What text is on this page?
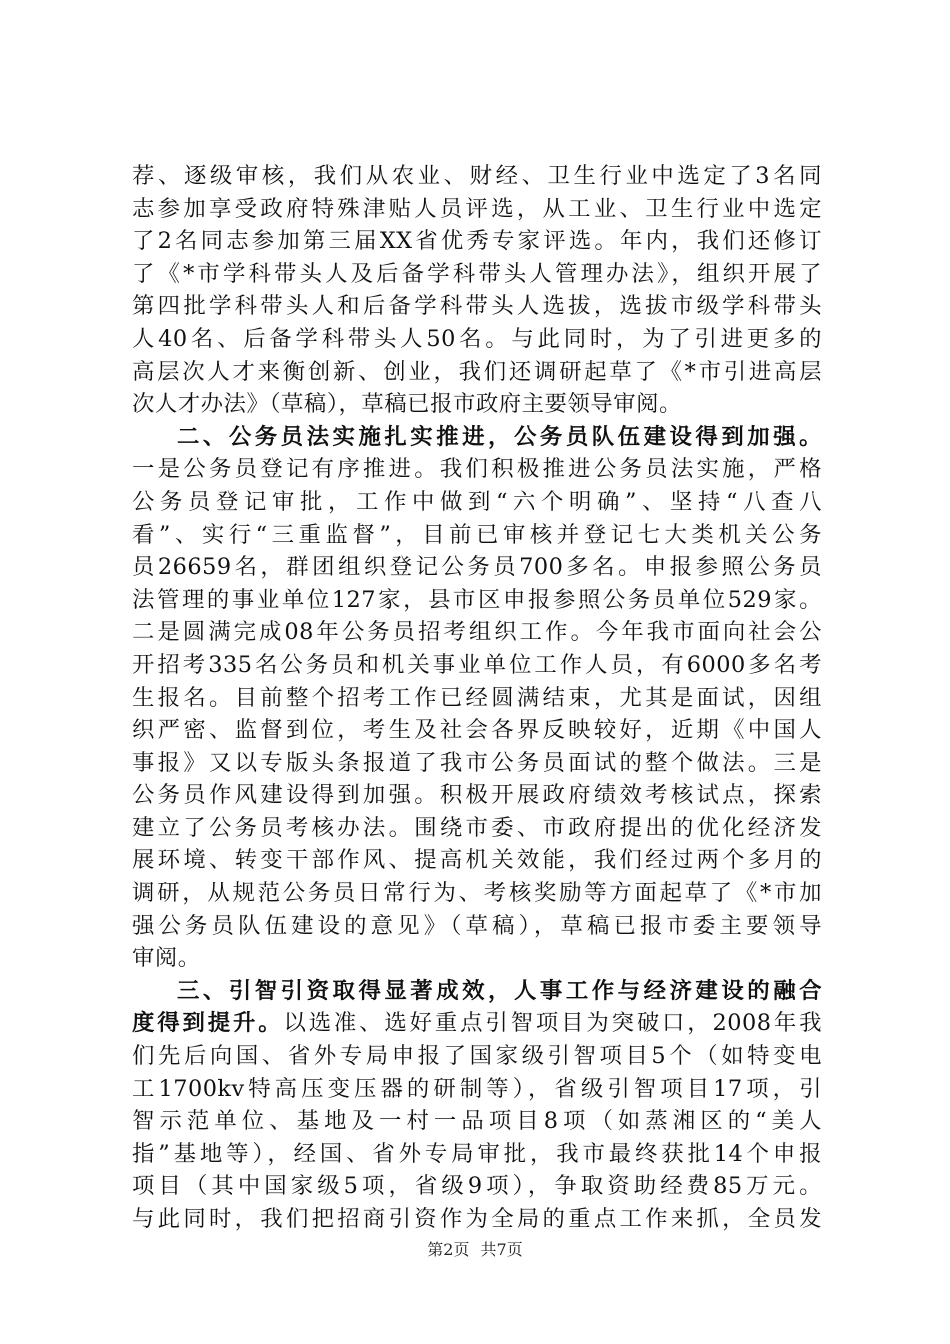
荐、逐级审核，我们从农业、财经、卫生行业中选定了3名同
志参加享受政府特殊津贴人员评选，从工业、卫生行业中选定
了2名同志参加第三届XX省优秀专家评选。年内，我们还修订
了《*市学科带头人及后备学科带头人管理办法》，组织开展了
第四批学科带头人和后备学科带头人选拔，选拔市级学科带头
人40名、后备学科带头人50名。与此同时，为了引进更多的
高层次人才来衡创新、创业，我们还调研起草了《*市引进高层
次人才办法》（草稿），草稿已报市政府主要领导审阅。
二、公务员法实施扎实推进，公务员队伍建设得到加强。
一是公务员登记有序推进。我们积极推进公务员法实施，严格
公务员登记审批，工作中做到“六个明确”、坚持“八查八
看”、实行“三重监督”，目前已审核并登记七大类机关公务
员26659名，群团组织登记公务员700多名。申报参照公务员
法管理的事业单位127家，县市区申报参照公务员单位529家。
二是圆满完成08年公务员招考组织工作。今年我市面向社会公
开招考335名公务员和机关事业单位工作人员，有6000多名考
生报名。目前整个招考工作已经圆满结束，尤其是面试，因组
织严密、监督到位，考生及社会各界反映较好，近期《中国人
事报》又以专版头条报道了我市公务员面试的整个做法。三是
公务员作风建设得到加强。积极开展政府绩效考核试点，探索
建立了公务员考核办法。围绕市委、市政府提出的优化经济发
展环境、转变干部作风、提高机关效能，我们经过两个多月的
调研，从规范公务员日常行为、考核奖励等方面起草了《*市加
强公务员队伍建设的意见》（草稿），草稿已报市委主要领导
审阅。
三、引智引资取得显著成效，人事工作与经济建设的融合
度得到提升。以选准、选好重点引智项目为突破口，2008年我
们先后向国、省外专局申报了国家级引智项目5个（如特变电
工1700kv特高压变压器的研制等），省级引智项目17项，引
智示范单位、基地及一村一品项目8项（如蒸湘区的“美人
指”基地等），经国、省外专局审批，我市最终获批14个申报
项目（其中国家级5项，省级9项），争取资助经费85万元。
与此同时，我们把招商引资作为全局的重点工作来抓，全员发
第2页 共7页
